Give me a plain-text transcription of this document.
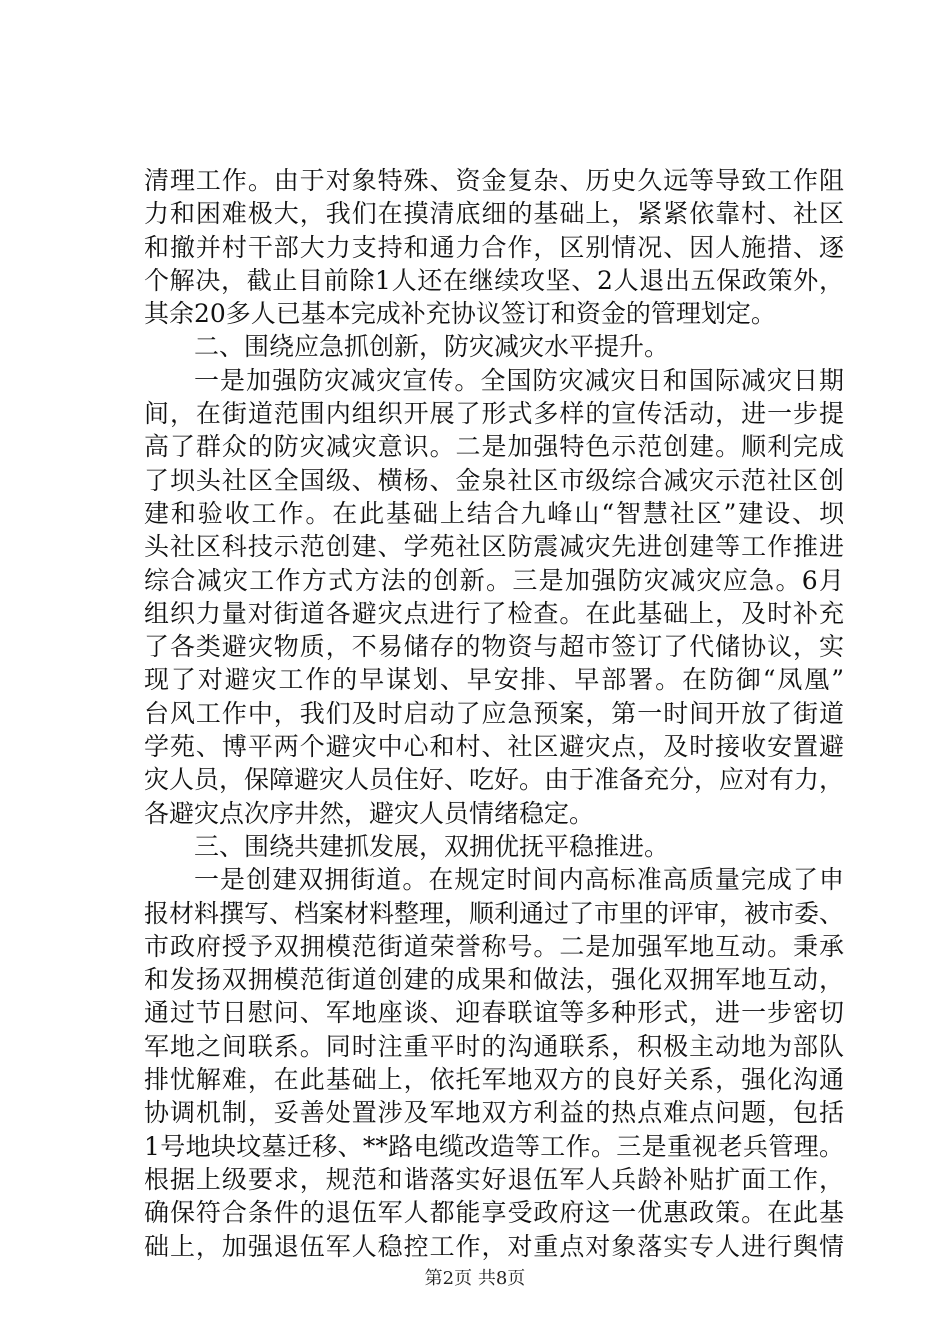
清理工作。由于对象特殊、资金复杂、历史久远等导致工作阻
力和困难极大，我们在摸清底细的基础上，紧紧依靠村、社区
和撤并村干部大力支持和通力合作，区别情况、因人施措、逐
个解决，截止目前除1人还在继续攻坚、2人退出五保政策外，
其余20多人已基本完成补充协议签订和资金的管理划定。
二、围绕应急抓创新，防灾减灾水平提升。
一是加强防灾减灾宣传。全国防灾减灾日和国际减灾日期
间，在街道范围内组织开展了形式多样的宣传活动，进一步提
高了群众的防灾减灾意识。二是加强特色示范创建。顺利完成
了坝头社区全国级、横杨、金泉社区市级综合减灾示范社区创
建和验收工作。在此基础上结合九峰山“智慧社区”建设、坝
头社区科技示范创建、学苑社区防震减灾先进创建等工作推进
综合减灾工作方式方法的创新。三是加强防灾减灾应急。6月
组织力量对街道各避灾点进行了检查。在此基础上，及时补充
了各类避灾物质，不易储存的物资与超市签订了代储协议，实
现了对避灾工作的早谋划、早安排、早部署。在防御“凤凰”
台风工作中，我们及时启动了应急预案，第一时间开放了街道
学苑、博平两个避灾中心和村、社区避灾点，及时接收安置避
灾人员，保障避灾人员住好、吃好。由于准备充分，应对有力，
各避灾点次序井然，避灾人员情绪稳定。
三、围绕共建抓发展，双拥优抚平稳推进。
一是创建双拥街道。在规定时间内高标准高质量完成了申
报材料撰写、档案材料整理，顺利通过了市里的评审，被市委、
市政府授予双拥模范街道荣誉称号。二是加强军地互动。秉承
和发扬双拥模范街道创建的成果和做法，强化双拥军地互动，
通过节日慰问、军地座谈、迎春联谊等多种形式，进一步密切
军地之间联系。同时注重平时的沟通联系，积极主动地为部队
排忧解难，在此基础上，依托军地双方的良好关系，强化沟通
协调机制，妥善处置涉及军地双方利益的热点难点问题，包括
1号地块坟墓迁移、**路电缆改造等工作。三是重视老兵管理。
根据上级要求，规范和谐落实好退伍军人兵龄补贴扩面工作，
确保符合条件的退伍军人都能享受政府这一优惠政策。在此基
础上，加强退伍军人稳控工作，对重点对象落实专人进行舆情
第2页 共8页
